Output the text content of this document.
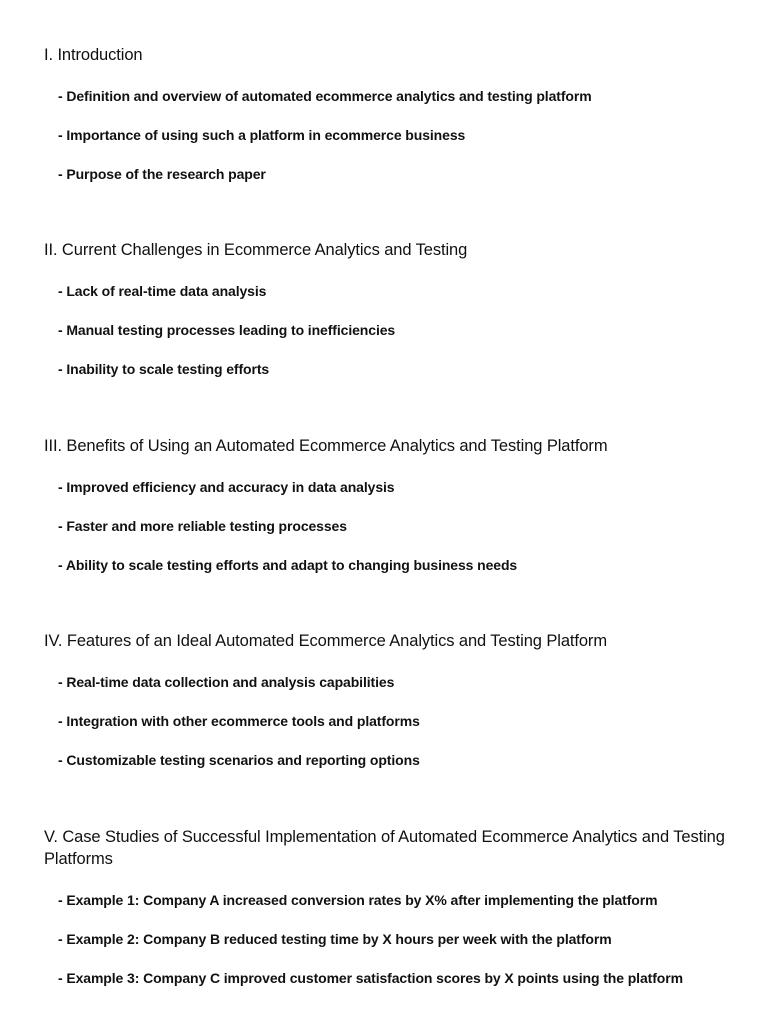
I. Introduction
- Definition and overview of automated ecommerce analytics and testing platform
- Importance of using such a platform in ecommerce business
- Purpose of the research paper
II. Current Challenges in Ecommerce Analytics and Testing
- Lack of real-time data analysis
- Manual testing processes leading to inefficiencies
- Inability to scale testing efforts
III. Benefits of Using an Automated Ecommerce Analytics and Testing Platform
- Improved efficiency and accuracy in data analysis
- Faster and more reliable testing processes
- Ability to scale testing efforts and adapt to changing business needs
IV. Features of an Ideal Automated Ecommerce Analytics and Testing Platform
- Real-time data collection and analysis capabilities
- Integration with other ecommerce tools and platforms
- Customizable testing scenarios and reporting options
V. Case Studies of Successful Implementation of Automated Ecommerce Analytics and Testing Platforms
- Example 1: Company A increased conversion rates by X% after implementing the platform
- Example 2: Company B reduced testing time by X hours per week with the platform
- Example 3: Company C improved customer satisfaction scores by X points using the platform
